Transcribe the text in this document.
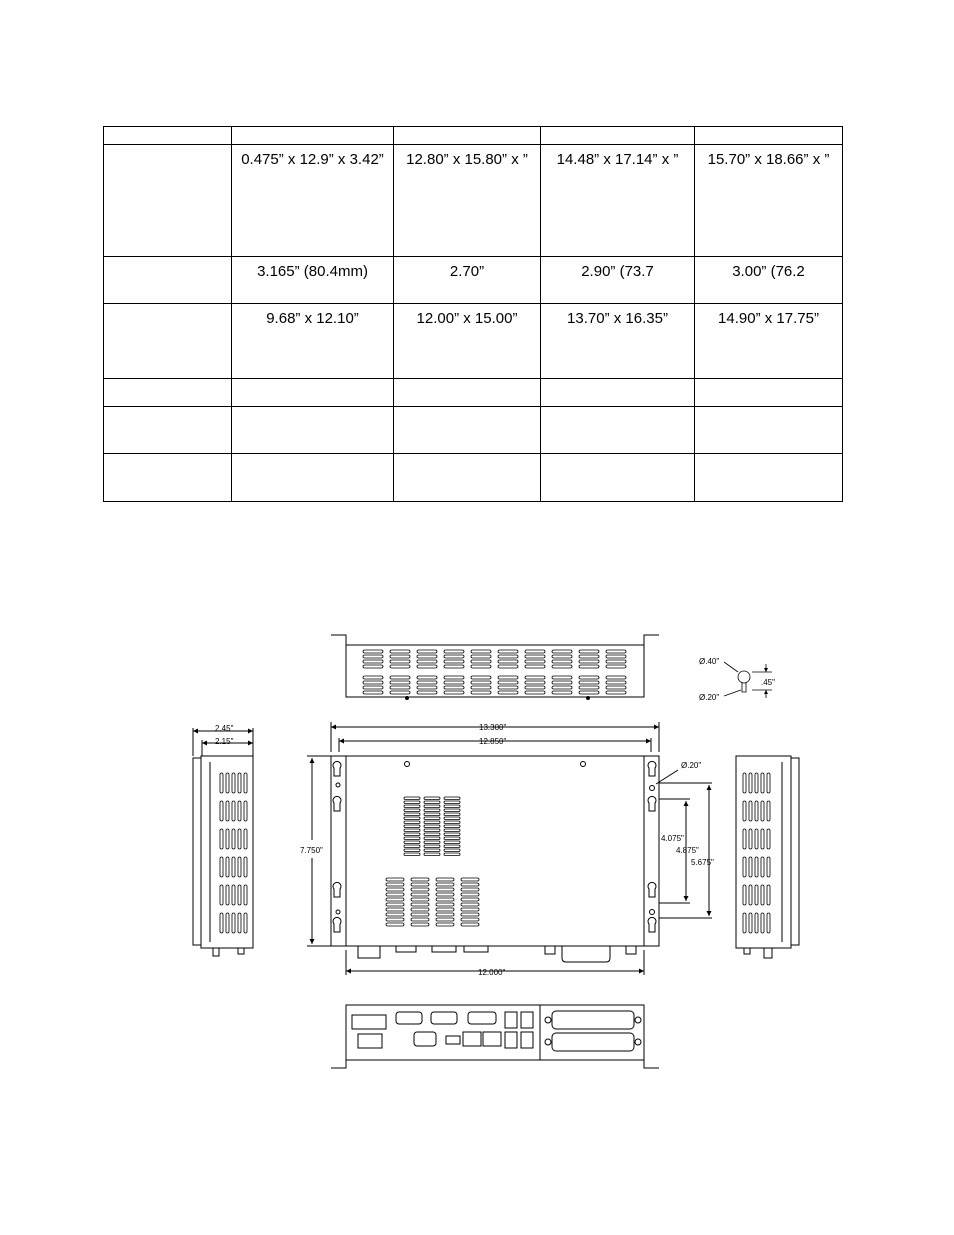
	0.475” x 12.9” x 3.42”	12.80” x 15.80” x ”	14.48” x 17.14” x ”	15.70” x 18.66” x ”

	3.165” (80.4mm)	2.70”	2.90” (73.7	3.00” (76.2

	9.68” x 12.10”	12.00” x 15.00”	13.70” x 16.35”	14.90” x 17.75”

Ø.40"
Ø.20"
.45"
2.45"
2.15"
13.300"
12.850"
7.750"
Ø.20"
4.075"
4.875"
5.675"
12.000"
